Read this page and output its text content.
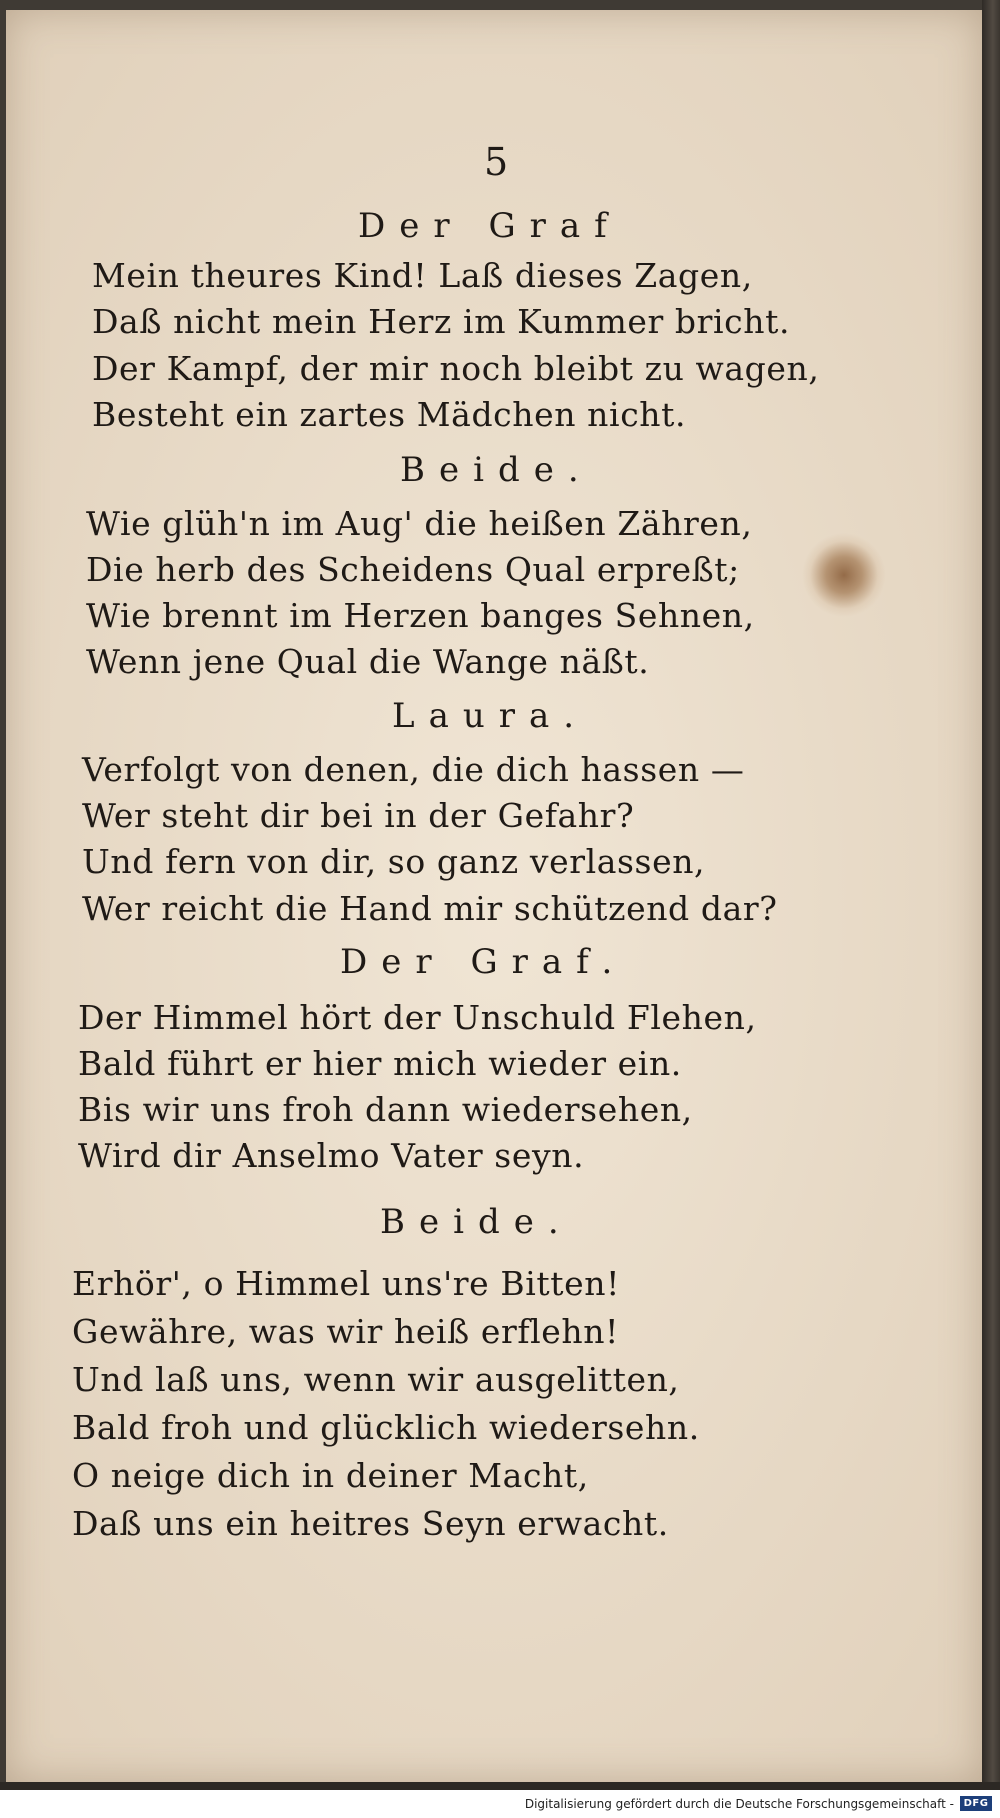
5
Der Graf
Mein theures Kind! Laß dieses Zagen,
Daß nicht mein Herz im Kummer bricht.
Der Kampf, der mir noch bleibt zu wagen,
Besteht ein zartes Mädchen nicht.
Beide.
Wie glüh'n im Aug' die heißen Zähren,
Die herb des Scheidens Qual erpreßt;
Wie brennt im Herzen banges Sehnen,
Wenn jene Qual die Wange näßt.
Laura.
Verfolgt von denen, die dich hassen —
Wer steht dir bei in der Gefahr?
Und fern von dir, so ganz verlassen,
Wer reicht die Hand mir schützend dar?
Der Graf.
Der Himmel hört der Unschuld Flehen,
Bald führt er hier mich wieder ein.
Bis wir uns froh dann wiedersehen,
Wird dir Anselmo Vater seyn.
Beide.
Erhör', o Himmel uns're Bitten!
Gewähre, was wir heiß erflehn!
Und laß uns, wenn wir ausgelitten,
Bald froh und glücklich wiedersehn.
O neige dich in deiner Macht,
Daß uns ein heitres Seyn erwacht.
Digitalisierung gefördert durch die Deutsche Forschungsgemeinschaft - DFG
